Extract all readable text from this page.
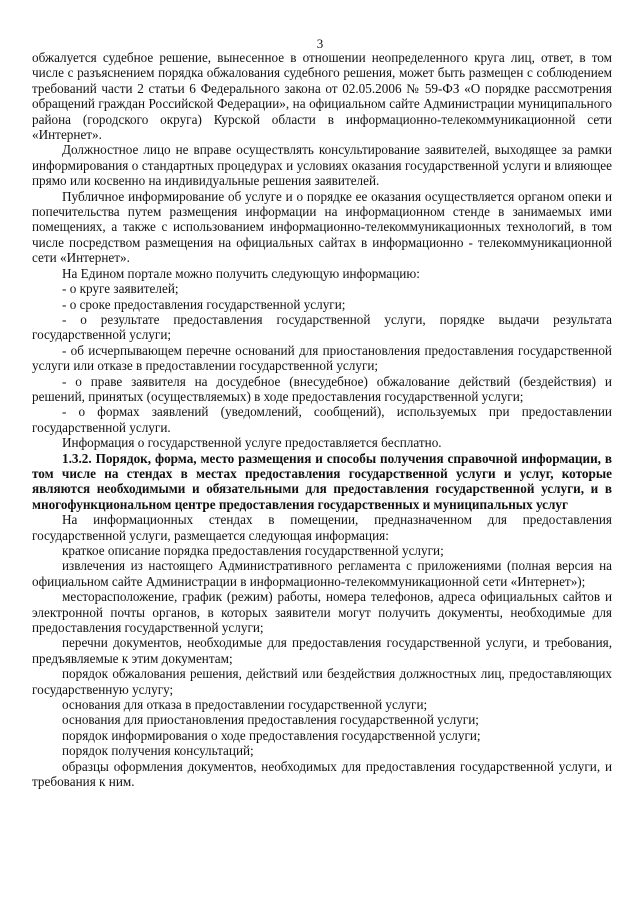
3

обжалуется судебное решение, вынесенное в отношении неопределенного круга лиц, ответ, в том числе с разъяснением порядка обжалования судебного решения, может быть размещен с соблюдением требований части 2 статьи 6 Федерального закона от 02.05.2006 № 59-ФЗ «О порядке рассмотрения обращений граждан Российской Федерации», на официальном сайте Администрации муниципального района (городского округа) Курской области в информационно-телекоммуникационной сети «Интернет».

Должностное лицо не вправе осуществлять консультирование заявителей, выходящее за рамки информирования о стандартных процедурах и условиях оказания государственной услуги и влияющее прямо или косвенно на индивидуальные решения заявителей.

Публичное информирование об услуге и о порядке ее оказания осуществляется органом опеки и попечительства путем размещения информации на информационном стенде в занимаемых ими помещениях, а также с использованием информационно-телекоммуникационных технологий, в том числе посредством размещения на официальных сайтах в информационно - телекоммуникационной сети «Интернет».

На Едином портале можно получить следующую информацию:

- о круге заявителей;

- о сроке предоставления государственной услуги;

- о результате предоставления государственной услуги, порядке выдачи результата государственной услуги;

- об исчерпывающем перечне оснований для приостановления предоставления государственной услуги или отказе в предоставлении государственной услуги;

- о праве заявителя на досудебное (внесудебное) обжалование действий (бездействия) и решений, принятых (осуществляемых) в ходе предоставления государственной услуги;

- о формах заявлений (уведомлений, сообщений), используемых при предоставлении государственной услуги.

Информация о государственной услуге предоставляется бесплатно.

1.3.2. Порядок, форма, место размещения и способы получения справочной информации, в том числе на стендах в местах предоставления государственной услуги и услуг, которые являются необходимыми и обязательными для предоставления государственной услуги, и в многофункциональном центре предоставления государственных и муниципальных услуг

На информационных стендах в помещении, предназначенном для предоставления государственной услуги, размещается следующая информация:

краткое описание порядка предоставления государственной услуги;

извлечения из настоящего Административного регламента с приложениями (полная версия на официальном сайте Администрации в информационно-телекоммуникационной сети «Интернет»);

месторасположение, график (режим) работы, номера телефонов, адреса официальных сайтов и электронной почты органов, в которых заявители могут получить документы, необходимые для предоставления государственной услуги;

перечни документов, необходимые для предоставления государственной услуги, и требования, предъявляемые к этим документам;

порядок обжалования решения, действий или бездействия должностных лиц, предоставляющих государственную услугу;

основания для отказа в предоставлении государственной услуги;

основания для приостановления предоставления государственной услуги;

порядок информирования о ходе предоставления государственной услуги;

порядок получения консультаций;

образцы оформления документов, необходимых для предоставления государственной услуги, и требования к ним.
